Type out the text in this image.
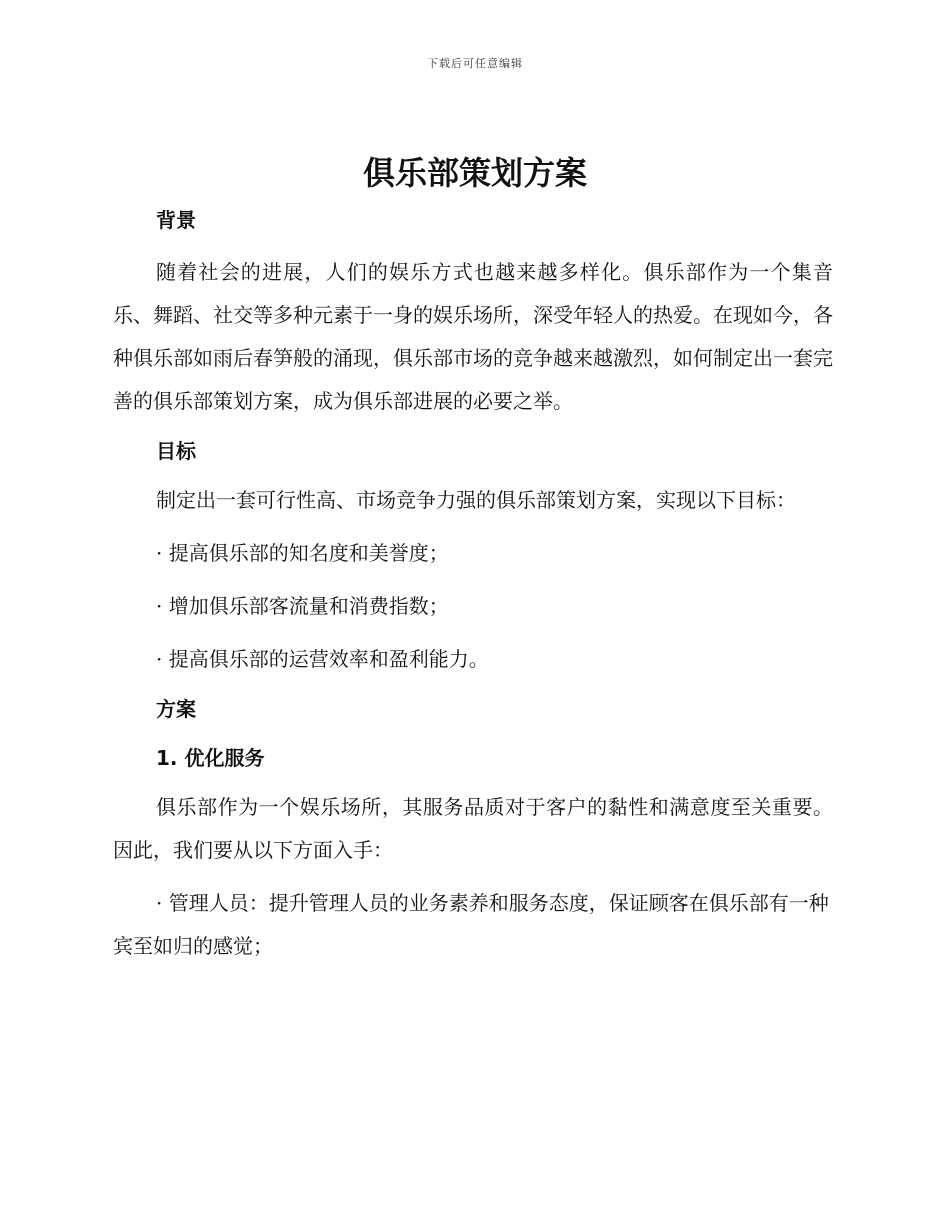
下载后可任意编辑
俱乐部策划方案
背景

随着社会的进展，人们的娱乐方式也越来越多样化。俱乐部作为一个集音乐、舞蹈、社交等多种元素于一身的娱乐场所，深受年轻人的热爱。在现如今，各种俱乐部如雨后春笋般的涌现，俱乐部市场的竞争越来越激烈，如何制定出一套完善的俱乐部策划方案，成为俱乐部进展的必要之举。

目标

制定出一套可行性高、市场竞争力强的俱乐部策划方案，实现以下目标：

· 提高俱乐部的知名度和美誉度；

· 增加俱乐部客流量和消费指数；

· 提高俱乐部的运营效率和盈利能力。

方案
1. 优化服务

俱乐部作为一个娱乐场所，其服务品质对于客户的黏性和满意度至关重要。因此，我们要从以下方面入手：

· 管理人员：提升管理人员的业务素养和服务态度，保证顾客在俱乐部有一种宾至如归的感觉；
